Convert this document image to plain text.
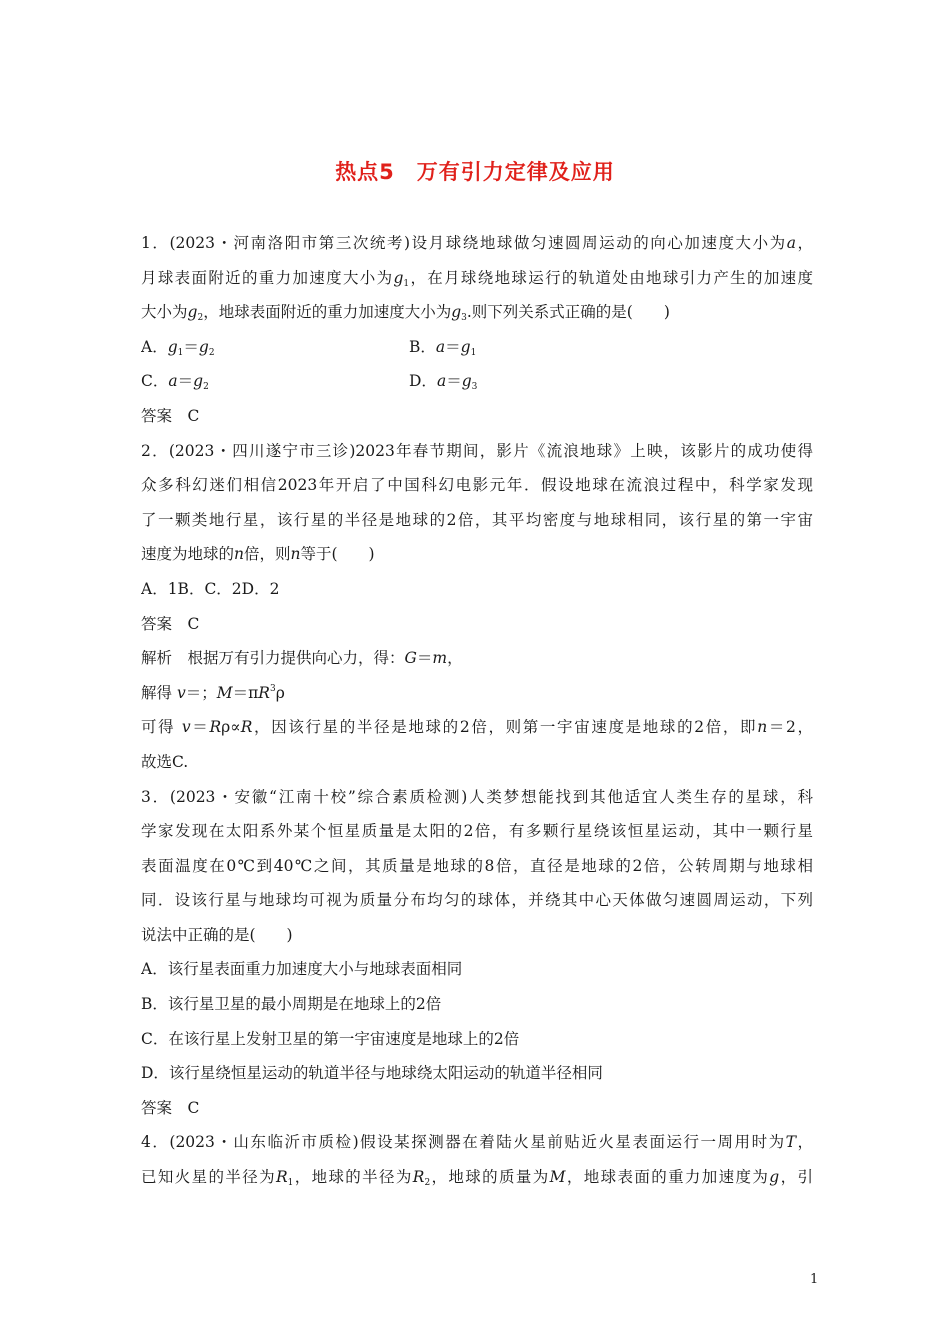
热点5　万有引力定律及应用
1．(2023・河南洛阳市第三次统考)设月球绕地球做匀速圆周运动的向心加速度大小为a，
月球表面附近的重力加速度大小为$g_1$，在月球绕地球运行的轨道处由地球引力产生的加速度
大小为$g_2$，地球表面附近的重力加速度大小为$g_3$.则下列关系式正确的是(　　)
A．$g_1=g_2$	B．$a=g_1$
C．$a=g_2$	D．$a=g_3$
答案　C
2．(2023・四川遂宁市三诊)2023年春节期间，影片《流浪地球》上映，该影片的成功使得
众多科幻迷们相信2023年开启了中国科幻电影元年．假设地球在流浪过程中，科学家发现
了一颗类地行星，该行星的半径是地球的2倍，其平均密度与地球相同，该行星的第一宇宙
速度为地球的n倍，则n等于(　　)
A．1B．C．2D．2
答案　C
解析　根据万有引力提供向心力，得：G＝m，
解得 v＝；$M=\pi R^3\rho$
可得 v＝Rρ∝R，因该行星的半径是地球的2倍，则第一宇宙速度是地球的2倍，即n＝2，
故选C.
3．(2023・安徽“江南十校”综合素质检测)人类梦想能找到其他适宜人类生存的星球，科
学家发现在太阳系外某个恒星质量是太阳的2倍，有多颗行星绕该恒星运动，其中一颗行星
表面温度在0℃到40℃之间，其质量是地球的8倍，直径是地球的2倍，公转周期与地球相
同．设该行星与地球均可视为质量分布均匀的球体，并绕其中心天体做匀速圆周运动，下列
说法中正确的是(　　)
A．该行星表面重力加速度大小与地球表面相同
B．该行星卫星的最小周期是在地球上的2倍
C．在该行星上发射卫星的第一宇宙速度是地球上的2倍
D．该行星绕恒星运动的轨道半径与地球绕太阳运动的轨道半径相同
答案　C
4．(2023・山东临沂市质检)假设某探测器在着陆火星前贴近火星表面运行一周用时为T，
已知火星的半径为$R_1$，地球的半径为$R_2$，地球的质量为M，地球表面的重力加速度为g，引
1
